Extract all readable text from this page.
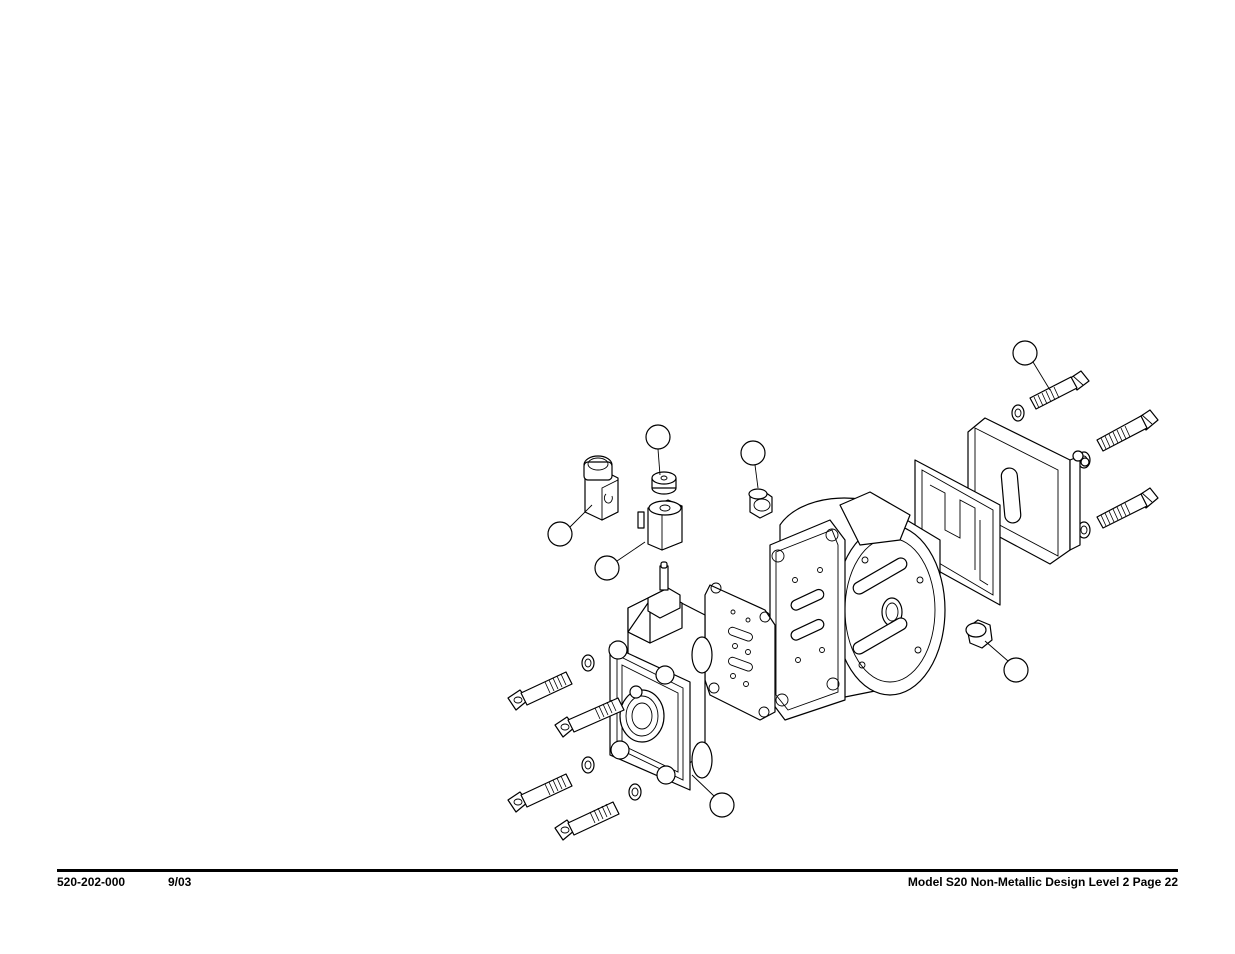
520-202-000	9/03	Model S20 Non-Metallic Design Level 2 Page 22
